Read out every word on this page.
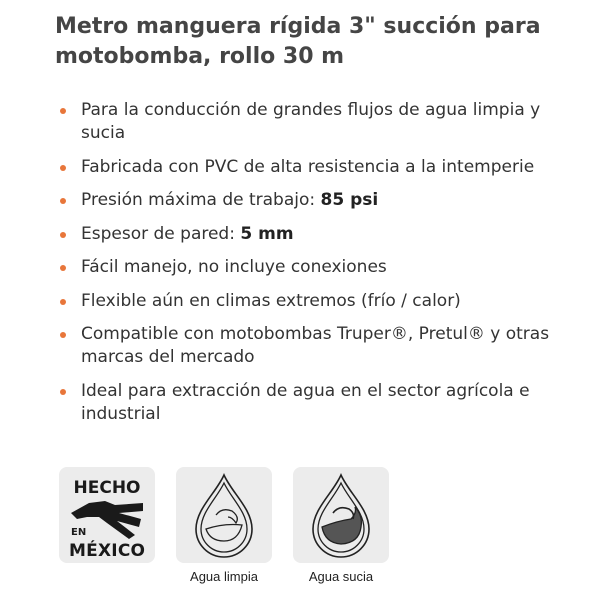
Metro manguera rígida 3" succión para motobomba, rollo 30 m
Para la conducción de grandes flujos de agua limpia y sucia
Fabricada con PVC de alta resistencia a la intemperie
Presión máxima de trabajo: 85 psi
Espesor de pared: 5 mm
Fácil manejo, no incluye conexiones
Flexible aún en climas extremos (frío / calor)
Compatible con motobombas Truper®, Pretul® y otras marcas del mercado
Ideal para extracción de agua en el sector agrícola e industrial
HECHO
EN
MÉXICO
Agua limpia	Agua sucia
